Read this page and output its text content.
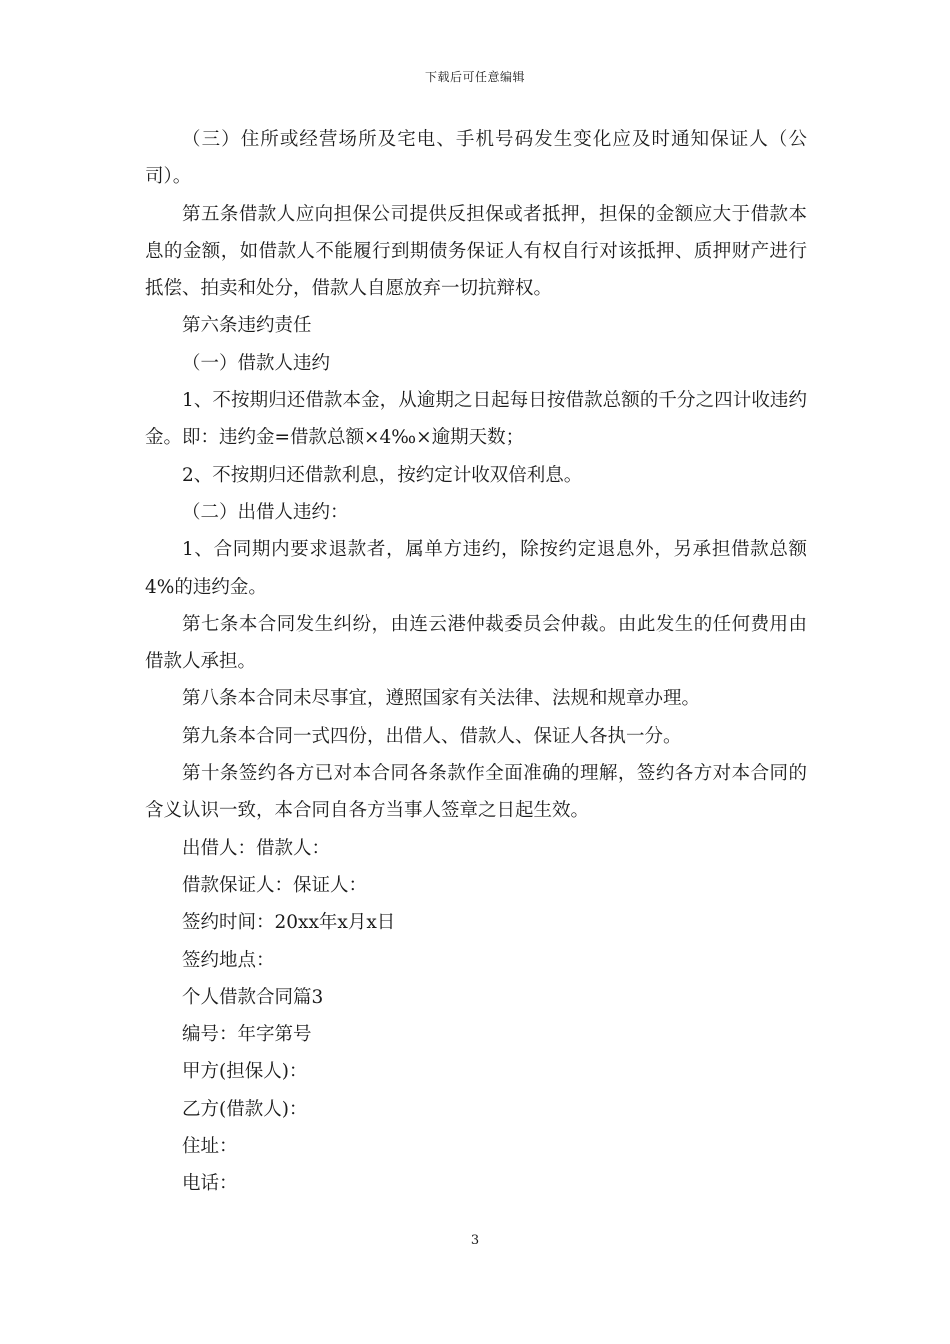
下载后可任意编辑

（三）住所或经营场所及宅电、手机号码发生变化应及时通知保证人（公司）。

第五条借款人应向担保公司提供反担保或者抵押，担保的金额应大于借款本息的金额，如借款人不能履行到期债务保证人有权自行对该抵押、质押财产进行抵偿、拍卖和处分，借款人自愿放弃一切抗辩权。

第六条违约责任

（一）借款人违约

1、不按期归还借款本金，从逾期之日起每日按借款总额的千分之四计收违约金。即：违约金=借款总额×4‰×逾期天数；

2、不按期归还借款利息，按约定计收双倍利息。

（二）出借人违约：

1、合同期内要求退款者，属单方违约，除按约定退息外，另承担借款总额4%的违约金。

第七条本合同发生纠纷，由连云港仲裁委员会仲裁。由此发生的任何费用由借款人承担。

第八条本合同未尽事宜，遵照国家有关法律、法规和规章办理。

第九条本合同一式四份，出借人、借款人、保证人各执一分。

第十条签约各方已对本合同各条款作全面准确的理解，签约各方对本合同的含义认识一致，本合同自各方当事人签章之日起生效。

出借人：借款人：

借款保证人：保证人：

签约时间：20xx年x月x日

签约地点：

个人借款合同篇3

编号：年字第号

甲方(担保人)：

乙方(借款人)：

住址：

电话：

3
